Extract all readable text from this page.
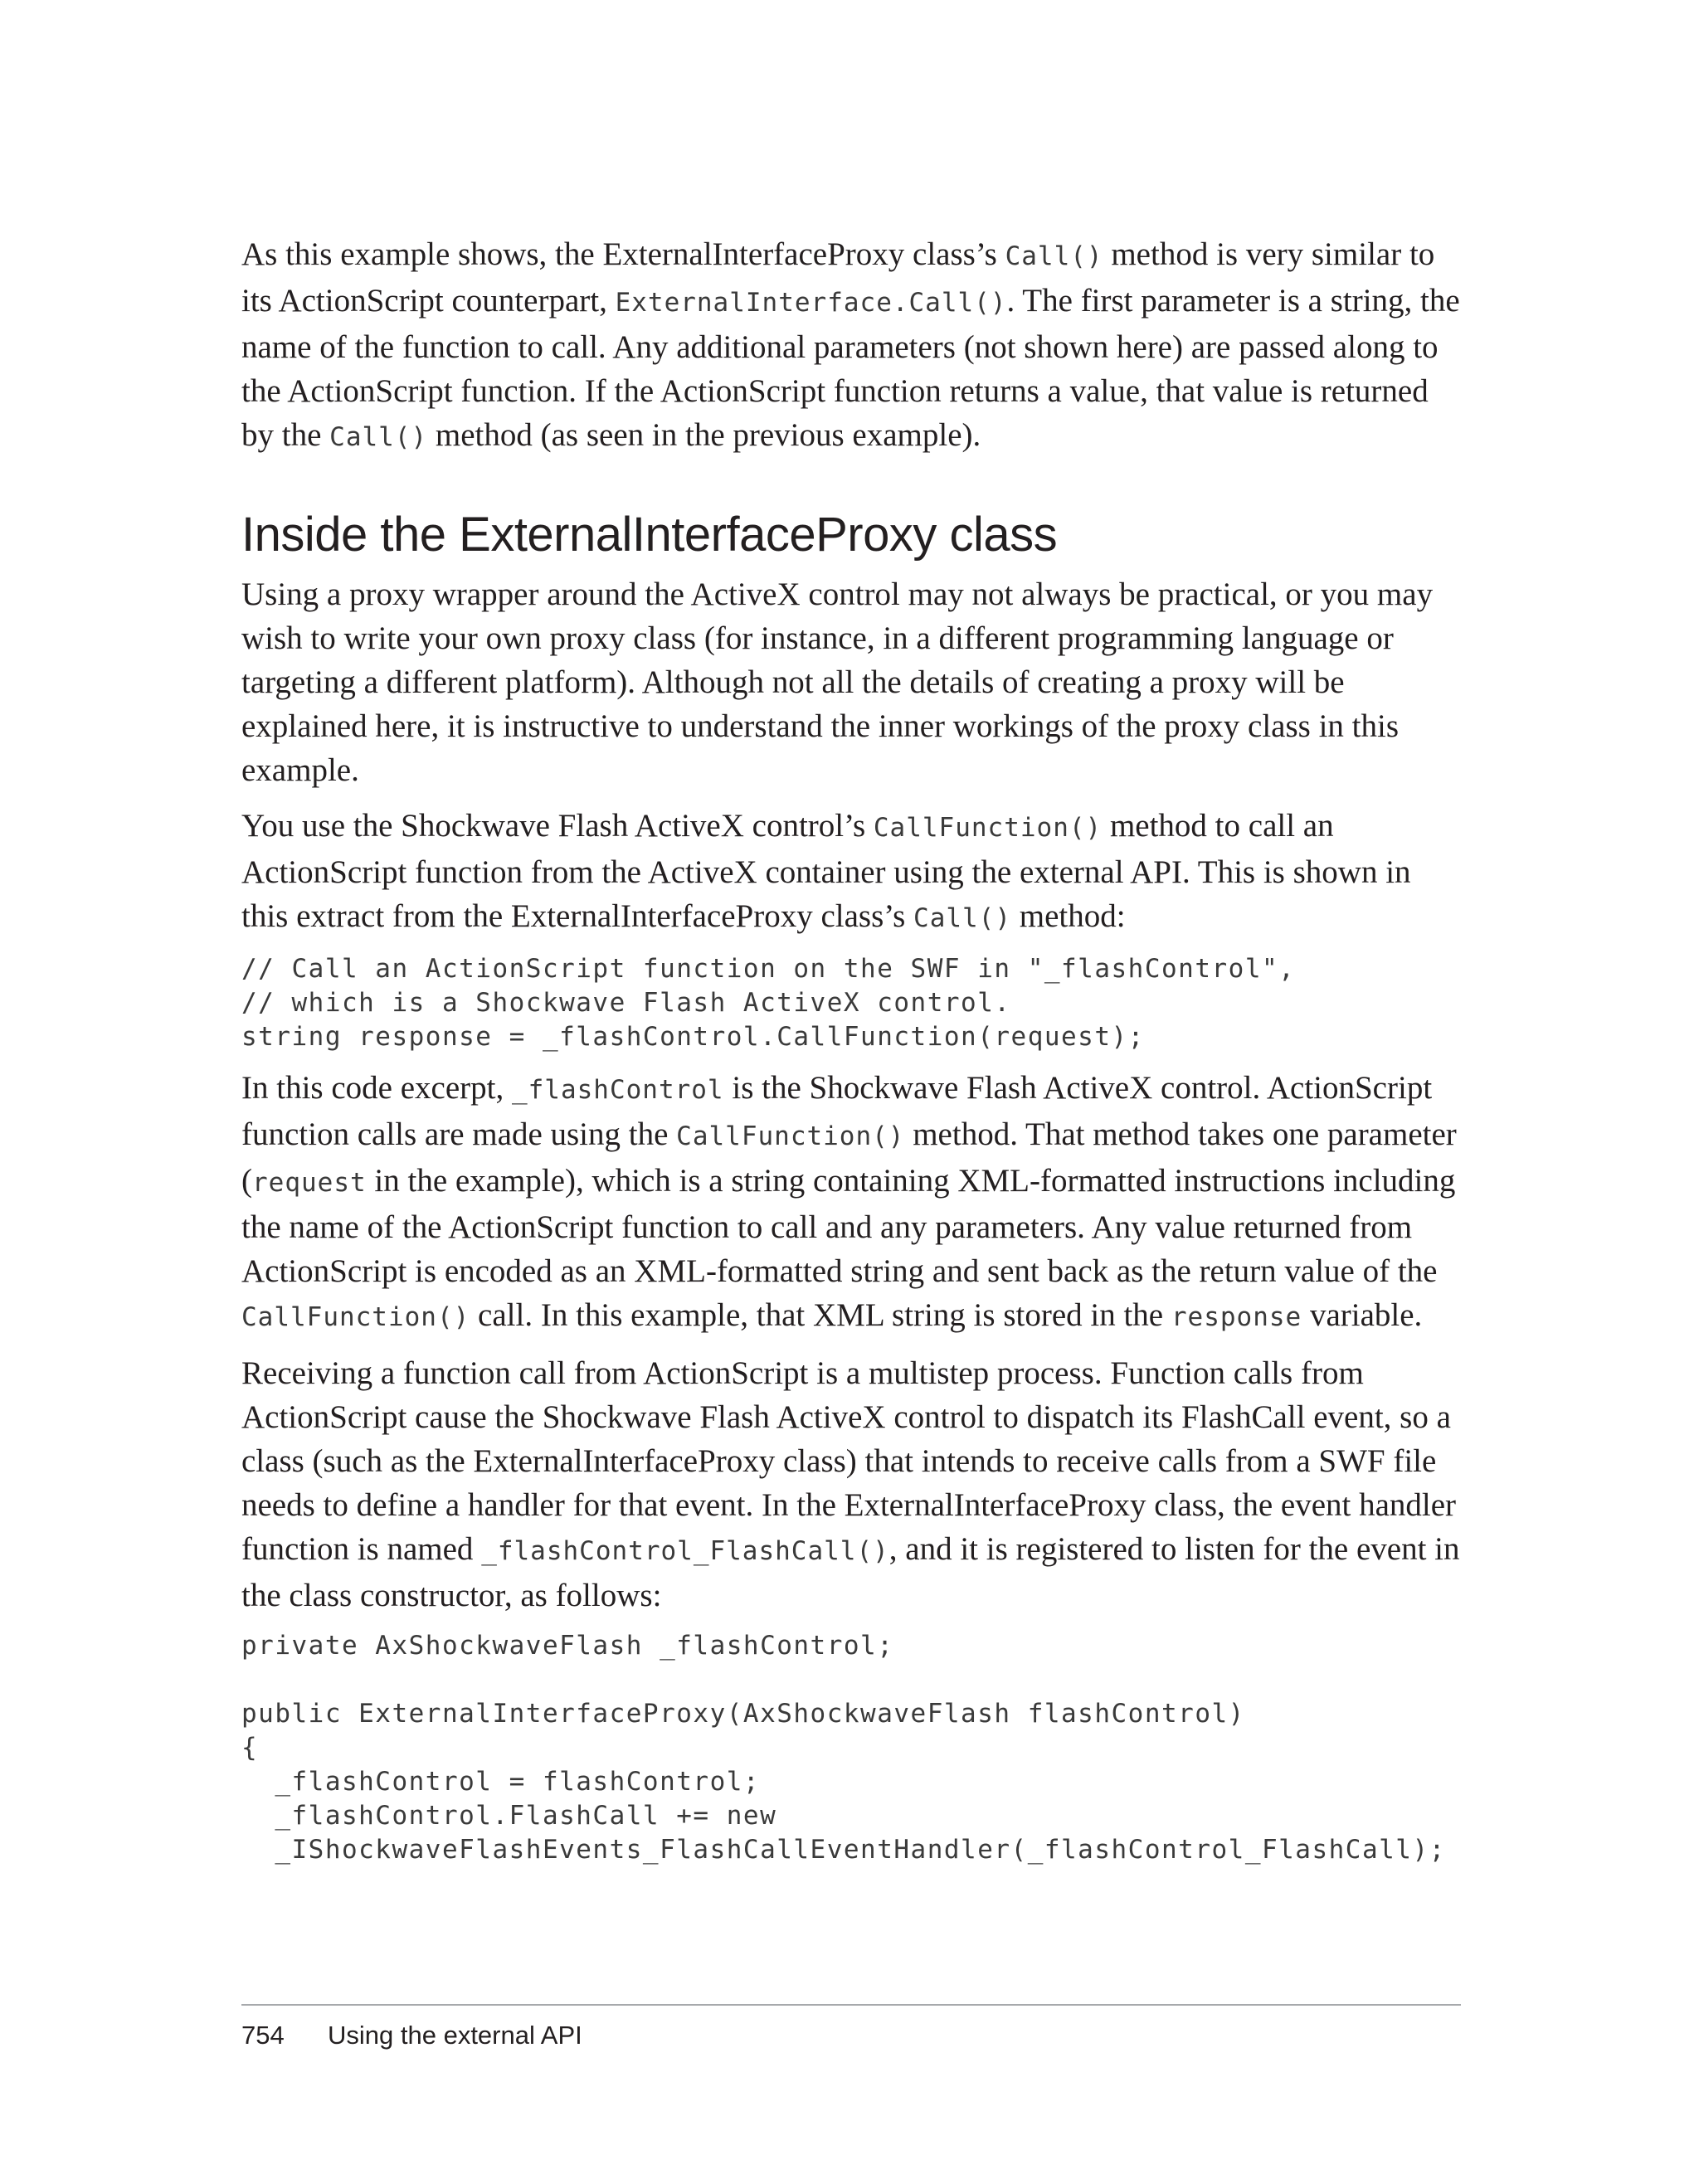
As this example shows, the ExternalInterfaceProxy class’s Call() method is very similar to its ActionScript counterpart, ExternalInterface.Call(). The first parameter is a string, the name of the function to call. Any additional parameters (not shown here) are passed along to the ActionScript function. If the ActionScript function returns a value, that value is returned by the Call() method (as seen in the previous example).

Inside the ExternalInterfaceProxy class

Using a proxy wrapper around the ActiveX control may not always be practical, or you may wish to write your own proxy class (for instance, in a different programming language or targeting a different platform). Although not all the details of creating a proxy will be explained here, it is instructive to understand the inner workings of the proxy class in this example.

You use the Shockwave Flash ActiveX control’s CallFunction() method to call an ActionScript function from the ActiveX container using the external API. This is shown in this extract from the ExternalInterfaceProxy class’s Call() method:

// Call an ActionScript function on the SWF in "_flashControl",
// which is a Shockwave Flash ActiveX control.
string response = _flashControl.CallFunction(request);

In this code excerpt, _flashControl is the Shockwave Flash ActiveX control. ActionScript function calls are made using the CallFunction() method. That method takes one parameter (request in the example), which is a string containing XML-formatted instructions including the name of the ActionScript function to call and any parameters. Any value returned from ActionScript is encoded as an XML-formatted string and sent back as the return value of the CallFunction() call. In this example, that XML string is stored in the response variable.

Receiving a function call from ActionScript is a multistep process. Function calls from ActionScript cause the Shockwave Flash ActiveX control to dispatch its FlashCall event, so a class (such as the ExternalInterfaceProxy class) that intends to receive calls from a SWF file needs to define a handler for that event. In the ExternalInterfaceProxy class, the event handler function is named _flashControl_FlashCall(), and it is registered to listen for the event in the class constructor, as follows:

private AxShockwaveFlash _flashControl;
public ExternalInterfaceProxy(AxShockwaveFlash flashControl)
{
_flashControl = flashControl;
_flashControl.FlashCall += new
_IShockwaveFlashEvents_FlashCallEventHandler(_flashControl_FlashCall);
754 Using the external API
